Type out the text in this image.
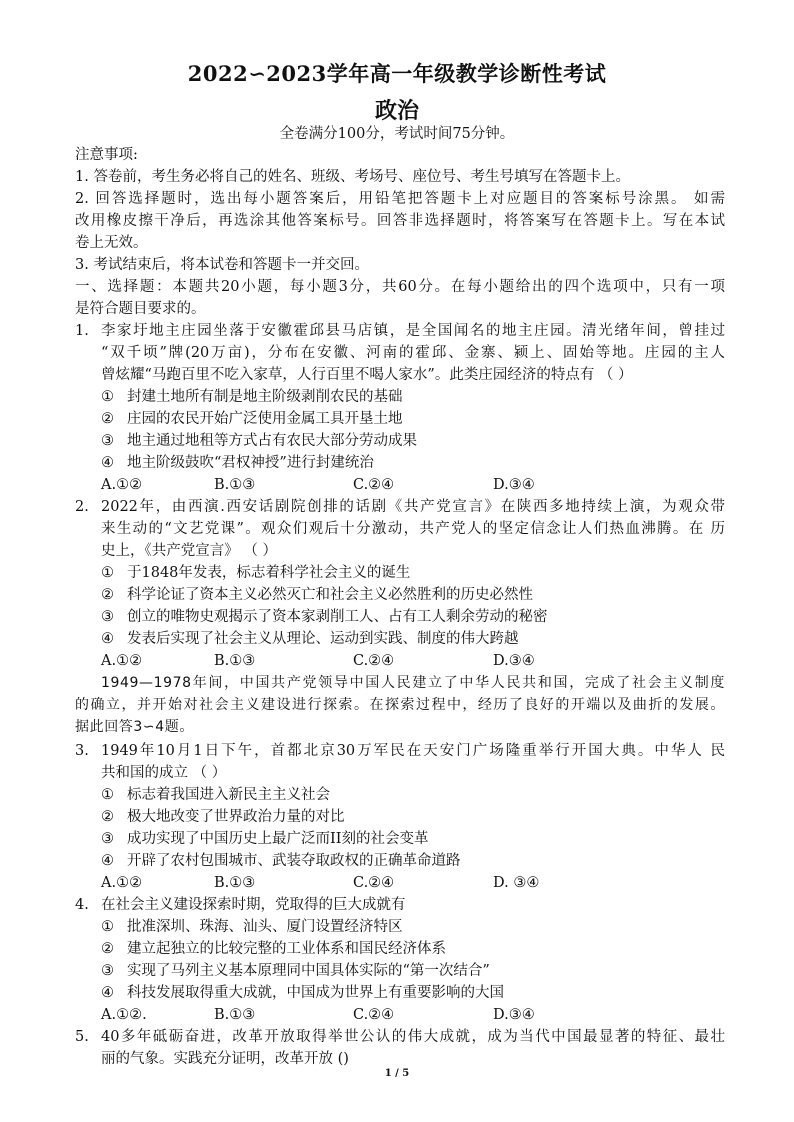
2022∽2023学年高一年级教学诊断性考试
政治
全卷满分100分，考试时间75分钟。
注意事项:
1. 答卷前，考生务必将自己的姓名、班级、考场号、座位号、考生号填写在答题卡上。
2. 回答选择题时，选出每小题答案后，用铅笔把答题卡上对应题目的答案标号涂黑。 如需
改用橡皮擦干净后，再选涂其他答案标号。回答非选择题时，将答案写在答题卡上。写在本试
卷上无效。
3. 考试结束后，将本试卷和答题卡一并交回。
一、选择题：本题共20小题，每小题3分，共60分。在每小题给出的四个选项中，只有一项
是符合题目要求的。
1. 李家圩地主庄园坐落于安徽霍邱县马店镇，是全国闻名的地主庄园。清光绪年间，曾挂过
“双千顷”牌(20万亩)，分布在安徽、河南的霍邱、金寨、颍上、固始等地。庄园的主人
曾炫耀“马跑百里不吃入家草，人行百里不喝人家水”。此类庄园经济的特点有 （ ）
① 封建土地所有制是地主阶级剥削农民的基础
② 庄园的农民开始广泛使用金属工具开垦土地
③ 地主通过地租等方式占有农民大部分劳动成果
④ 地主阶级鼓吹“君权神授”进行封建统治
A.①②	B.①③	C.②④	D.③④
2. 2022年，由西演.西安话剧院创排的话剧《共产党宣言》在陕西多地持续上演，为观众带
来生动的“文艺党课”。观众们观后十分激动，共产党人的坚定信念让人们热血沸腾。在 历
史上，《共产党宣言》 （ ）
① 于1848年发表，标志着科学社会主义的诞生
② 科学论证了资本主义必然灭亡和社会主义必然胜利的历史必然性
③ 创立的唯物史观揭示了资本家剥削工人、占有工人剩余劳动的秘密
④ 发表后实现了社会主义从理论、运动到实践、制度的伟大跨越
A.①②	B.①③	C.②④	D.③④
1949—1978年间，中国共产党领导中国人民建立了中华人民共和国，完成了社会主义制度
的确立，并开始对社会主义建设进行探索。在探索过程中，经历了良好的开端以及曲折的发展。
据此回答3∽4题。
3. 1949年10月1日下午，首都北京30万军民在天安门广场隆重举行开国大典。中华人 民
共和国的成立 （ ）
① 标志着我国进入新民主主义社会
② 极大地改变了世界政治力量的对比
③ 成功实现了中国历史上最广泛而II刻的社会变革
④ 开辟了农村包围城市、武装夺取政权的正确革命道路
A.①②	B.①③	C.②④	D. ③④
4. 在社会主义建设探索时期，党取得的巨大成就有
① 批准深圳、珠海、汕头、厦门设置经济特区
② 建立起独立的比较完整的工业体系和国民经济体系
③ 实现了马列主义基本原理同中国具体实际的“第一次结合”
④ 科技发展取得重大成就，中国成为世界上有重要影响的大国
A.①②.	B.①③	C.②④	D.③④
5. 40多年砥砺奋进，改革开放取得举世公认的伟大成就，成为当代中国最显著的特征、最壮
丽的气象。实践充分证明，改革开放 ()
1 / 5
